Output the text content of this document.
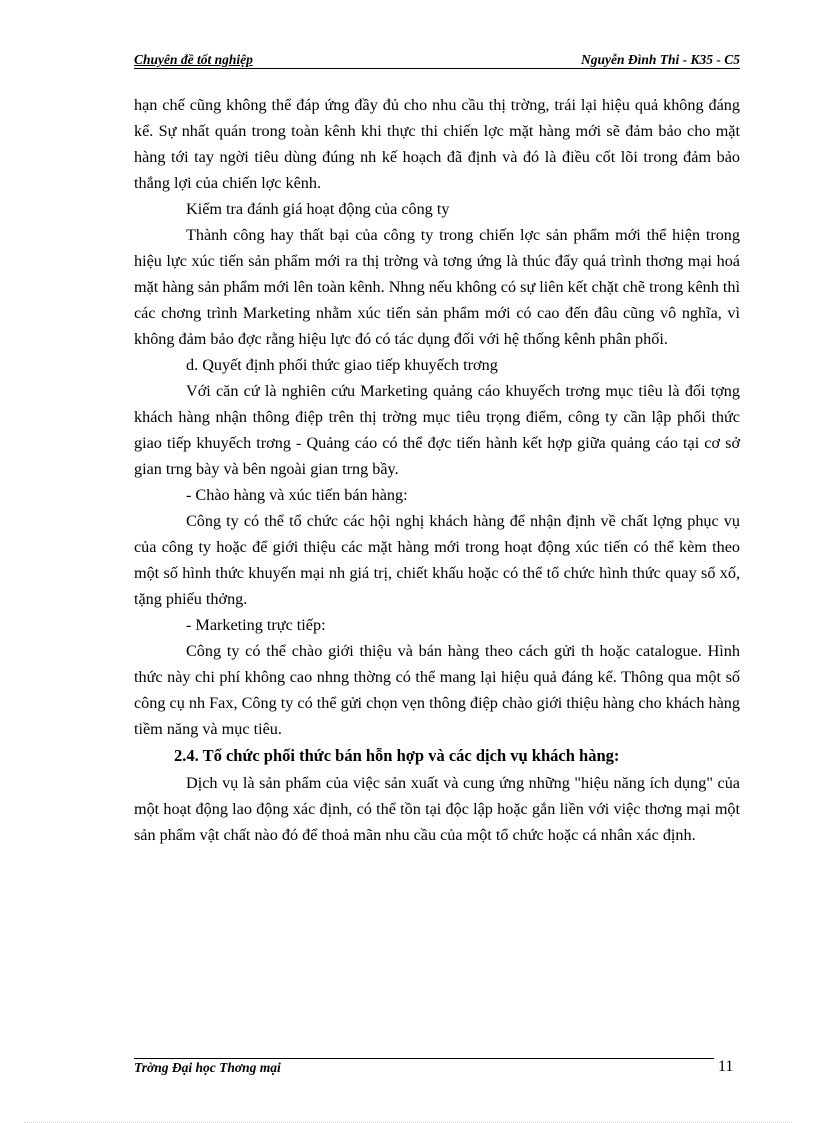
Chuyên đề tốt nghiệp	Nguyễn Đình Thi - K35 - C5

hạn chế cũng không thể đáp ứng đầy đủ cho nhu cầu thị trờng, trái lại hiệu quả không đáng kể. Sự nhất quán trong toàn kênh khi thực thi chiến lợc mặt hàng mới sẽ đảm bảo cho mặt hàng tới tay ngời tiêu dùng đúng nh kế hoạch đã định và đó là điều cốt lõi trong đảm bảo thắng lợi của chiến lợc kênh.

Kiểm tra đánh giá hoạt động của công ty

Thành công hay thất bại của công ty trong chiến lợc sản phẩm mới thể hiện trong hiệu lực xúc tiến sản phẩm mới ra thị trờng và tơng ứng là thúc đẩy quá trình thơng mại hoá mặt hàng sản phẩm mới lên toàn kênh. Nhng nếu không có sự liên kết chặt chẽ trong kênh thì các chơng trình Marketing nhằm xúc tiến sản phẩm mới có cao đến đâu cũng vô nghĩa, vì không đảm bảo đợc rằng hiệu lực đó có tác dụng đối với hệ thống kênh phân phối.

d. Quyết định phối thức giao tiếp khuyếch trơng

Với căn cứ là nghiên cứu Marketing quảng cáo khuyếch trơng mục tiêu là đối tợng khách hàng nhận thông điệp trên thị trờng mục tiêu trọng điểm, công ty cần lập phối thức giao tiếp khuyếch trơng - Quảng cáo có thể đợc tiến hành kết hợp giữa quảng cáo tại cơ sở gian trng bày và bên ngoài gian trng bầy.

- Chào hàng và xúc tiến bán hàng:

Công ty có thể tổ chức các hội nghị khách hàng để nhận định về chất lợng phục vụ của công ty hoặc để giới thiệu các mặt hàng mới trong hoạt động xúc tiến có thể kèm theo một số hình thức khuyến mại nh giá trị, chiết khấu hoặc có thể tổ chức hình thức quay sổ xố, tặng phiếu thởng.

- Marketing trực tiếp:

Công ty có thể chào giới thiệu và bán hàng theo cách gửi th hoặc catalogue. Hình thức này chi phí không cao nhng thờng có thể mang lại hiệu quả đáng kể. Thông qua một số công cụ nh Fax, Công ty có thể gửi chọn vẹn thông điệp chào giới thiệu hàng cho khách hàng tiềm năng và mục tiêu.

2.4. Tổ chức phối thức bán hỗn hợp và các dịch vụ khách hàng:

Dịch vụ là sản phẩm của việc sản xuất và cung ứng những "hiệu năng ích dụng" của một hoạt động lao động xác định, có thể tồn tại độc lập hoặc gắn liền với việc thơng mại một sản phẩm vật chất nào đó để thoả mãn nhu cầu của một tổ chức hoặc cá nhân xác định.

Trờng Đại học Thơng mại	11
